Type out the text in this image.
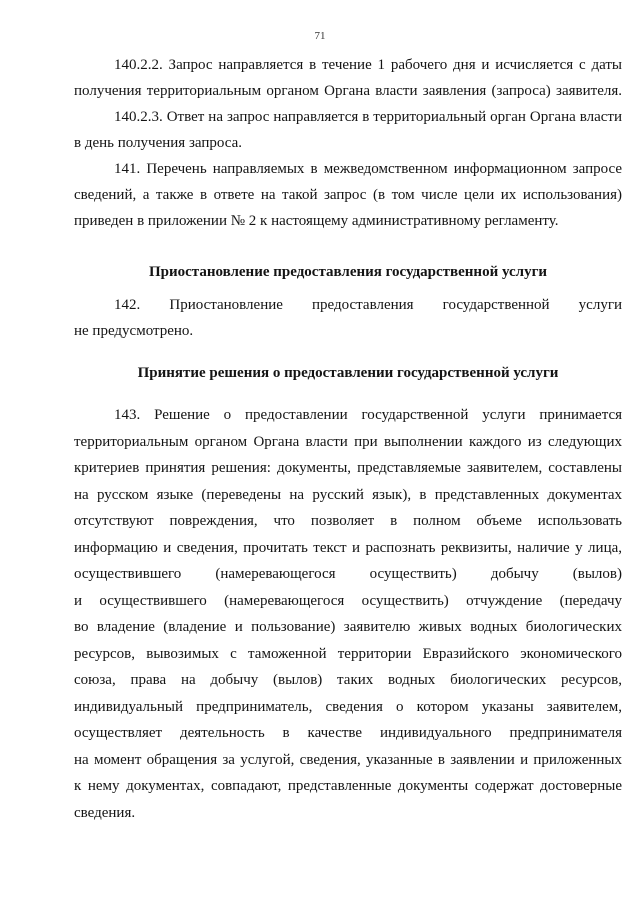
71
140.2.2. Запрос направляется в течение 1 рабочего дня и исчисляется с даты
получения территориальным органом Органа власти заявления (запроса) заявителя.
140.2.3. Ответ на запрос направляется в территориальный орган Органа власти
в день получения запроса.
141. Перечень направляемых в межведомственном информационном запросе
сведений, а также в ответе на такой запрос (в том числе цели их использования)
приведен в приложении № 2 к настоящему административному регламенту.
Приостановление предоставления государственной услуги
142. Приостановление предоставления государственной услуги
не предусмотрено.
Принятие решения о предоставлении государственной услуги
143. Решение о предоставлении государственной услуги принимается
территориальным органом Органа власти при выполнении каждого из следующих
критериев принятия решения: документы, представляемые заявителем, составлены
на русском языке (переведены на русский язык), в представленных документах
отсутствуют повреждения, что позволяет в полном объеме использовать
информацию и сведения, прочитать текст и распознать реквизиты, наличие у лица,
осуществившего (намеревающегося осуществить) добычу (вылов)
и осуществившего (намеревающегося осуществить) отчуждение (передачу
во владение (владение и пользование) заявителю живых водных биологических
ресурсов, вывозимых с таможенной территории Евразийского экономического
союза, права на добычу (вылов) таких водных биологических ресурсов,
индивидуальный предприниматель, сведения о котором указаны заявителем,
осуществляет деятельность в качестве индивидуального предпринимателя
на момент обращения за услугой, сведения, указанные в заявлении и приложенных
к нему документах, совпадают, представленные документы содержат достоверные
сведения.
